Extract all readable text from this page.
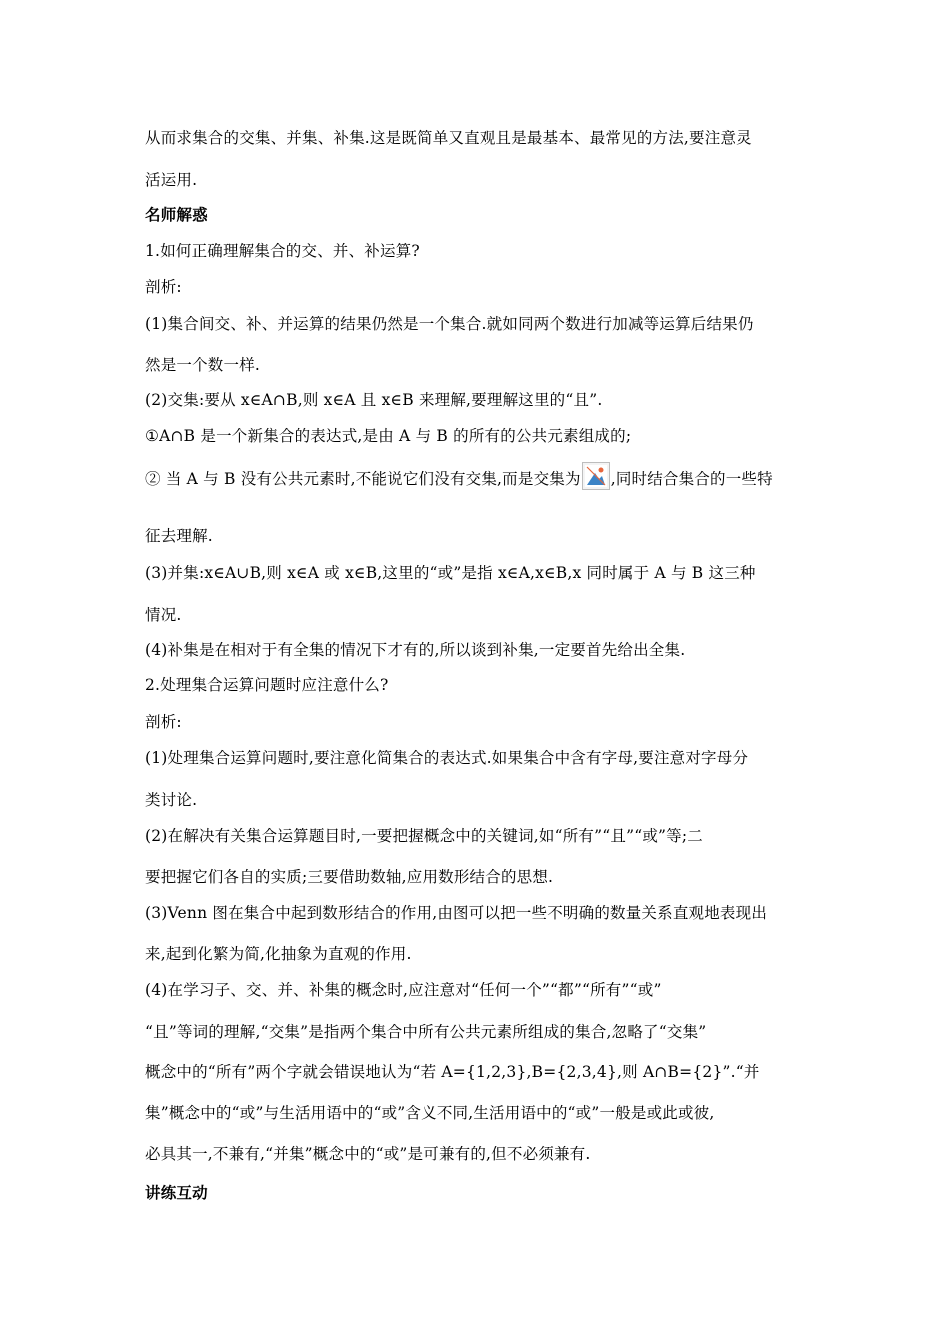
从而求集合的交集、并集、补集.这是既简单又直观且是最基本、最常见的方法,要注意灵
活运用.
名师解惑
1.如何正确理解集合的交、并、补运算?
剖析:
(1)集合间交、补、并运算的结果仍然是一个集合.就如同两个数进行加减等运算后结果仍
然是一个数一样.
(2)交集:要从 x∈A∩B,则 x∈A 且 x∈B 来理解,要理解这里的“且”.
①A∩B 是一个新集合的表达式,是由 A 与 B 的所有的公共元素组成的;
② 当 A 与 B 没有公共元素时,不能说它们没有交集,而是交集为 ,同时结合集合的一些特
征去理解.
(3)并集:x∈A∪B,则 x∈A 或 x∈B,这里的“或”是指 x∈A,x∈B,x 同时属于 A 与 B 这三种
情况.
(4)补集是在相对于有全集的情况下才有的,所以谈到补集,一定要首先给出全集.
2.处理集合运算问题时应注意什么?
剖析:
(1)处理集合运算问题时,要注意化简集合的表达式.如果集合中含有字母,要注意对字母分
类讨论.
(2)在解决有关集合运算题目时,一要把握概念中的关键词,如“所有”“且”“或”等;二
要把握它们各自的实质;三要借助数轴,应用数形结合的思想.
(3)Venn 图在集合中起到数形结合的作用,由图可以把一些不明确的数量关系直观地表现出
来,起到化繁为简,化抽象为直观的作用.
(4)在学习子、交、并、补集的概念时,应注意对“任何一个”“都”“所有”“或”
“且”等词的理解,“交集”是指两个集合中所有公共元素所组成的集合,忽略了“交集”
概念中的“所有”两个字就会错误地认为“若 A={1,2,3},B={2,3,4},则 A∩B={2}”.“并
集”概念中的“或”与生活用语中的“或”含义不同,生活用语中的“或”一般是或此或彼,
必具其一,不兼有,“并集”概念中的“或”是可兼有的,但不必须兼有.
讲练互动
